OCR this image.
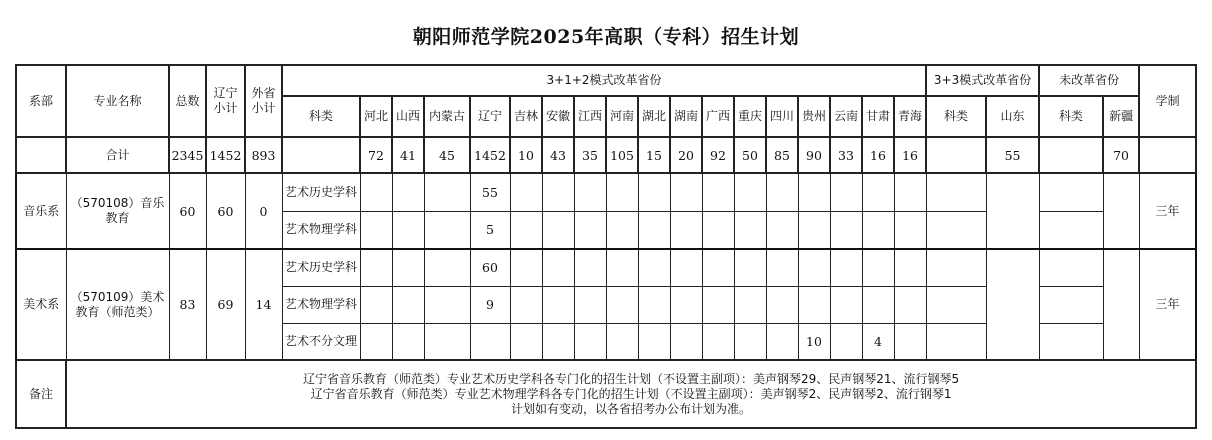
朝阳师范学院2025年高职（专科）招生计划
系部	专业名称	总数	辽宁小计	外省小计	3+1+2模式改革省份																		3+3模式改革省份		未改革省份		学制
					科类	河北	山西	内蒙古	辽宁	吉林	安徽	江西	河南	湖北	湖南	广西	重庆	四川	贵州	云南	甘肃	青海	科类	山东	科类	新疆	
	合计	2345	1452	893		72	41	45	1452	10	43	35	105	15	20	92	50	85	90	33	16	16		55		70	
音乐系	（570108）音乐教育	60	60	0	艺术历史学科				55																		三年
					艺术物理学科				5																		
美术系	（570109）美术教育（师范类）	83	69	14	艺术历史学科				60																		三年
					艺术物理学科				9																		
					艺术不分文理														10		4						
备注	辽宁省音乐教育（师范类）专业艺术历史学科各专门化的招生计划（不设置主副项）：美声钢琴29、民声钢琴21、流行钢琴5
辽宁省音乐教育（师范类）专业艺术物理学科各专门化的招生计划（不设置主副项）：美声钢琴2、民声钢琴2、流行钢琴1
计划如有变动，以各省招考办公布计划为准。																										
